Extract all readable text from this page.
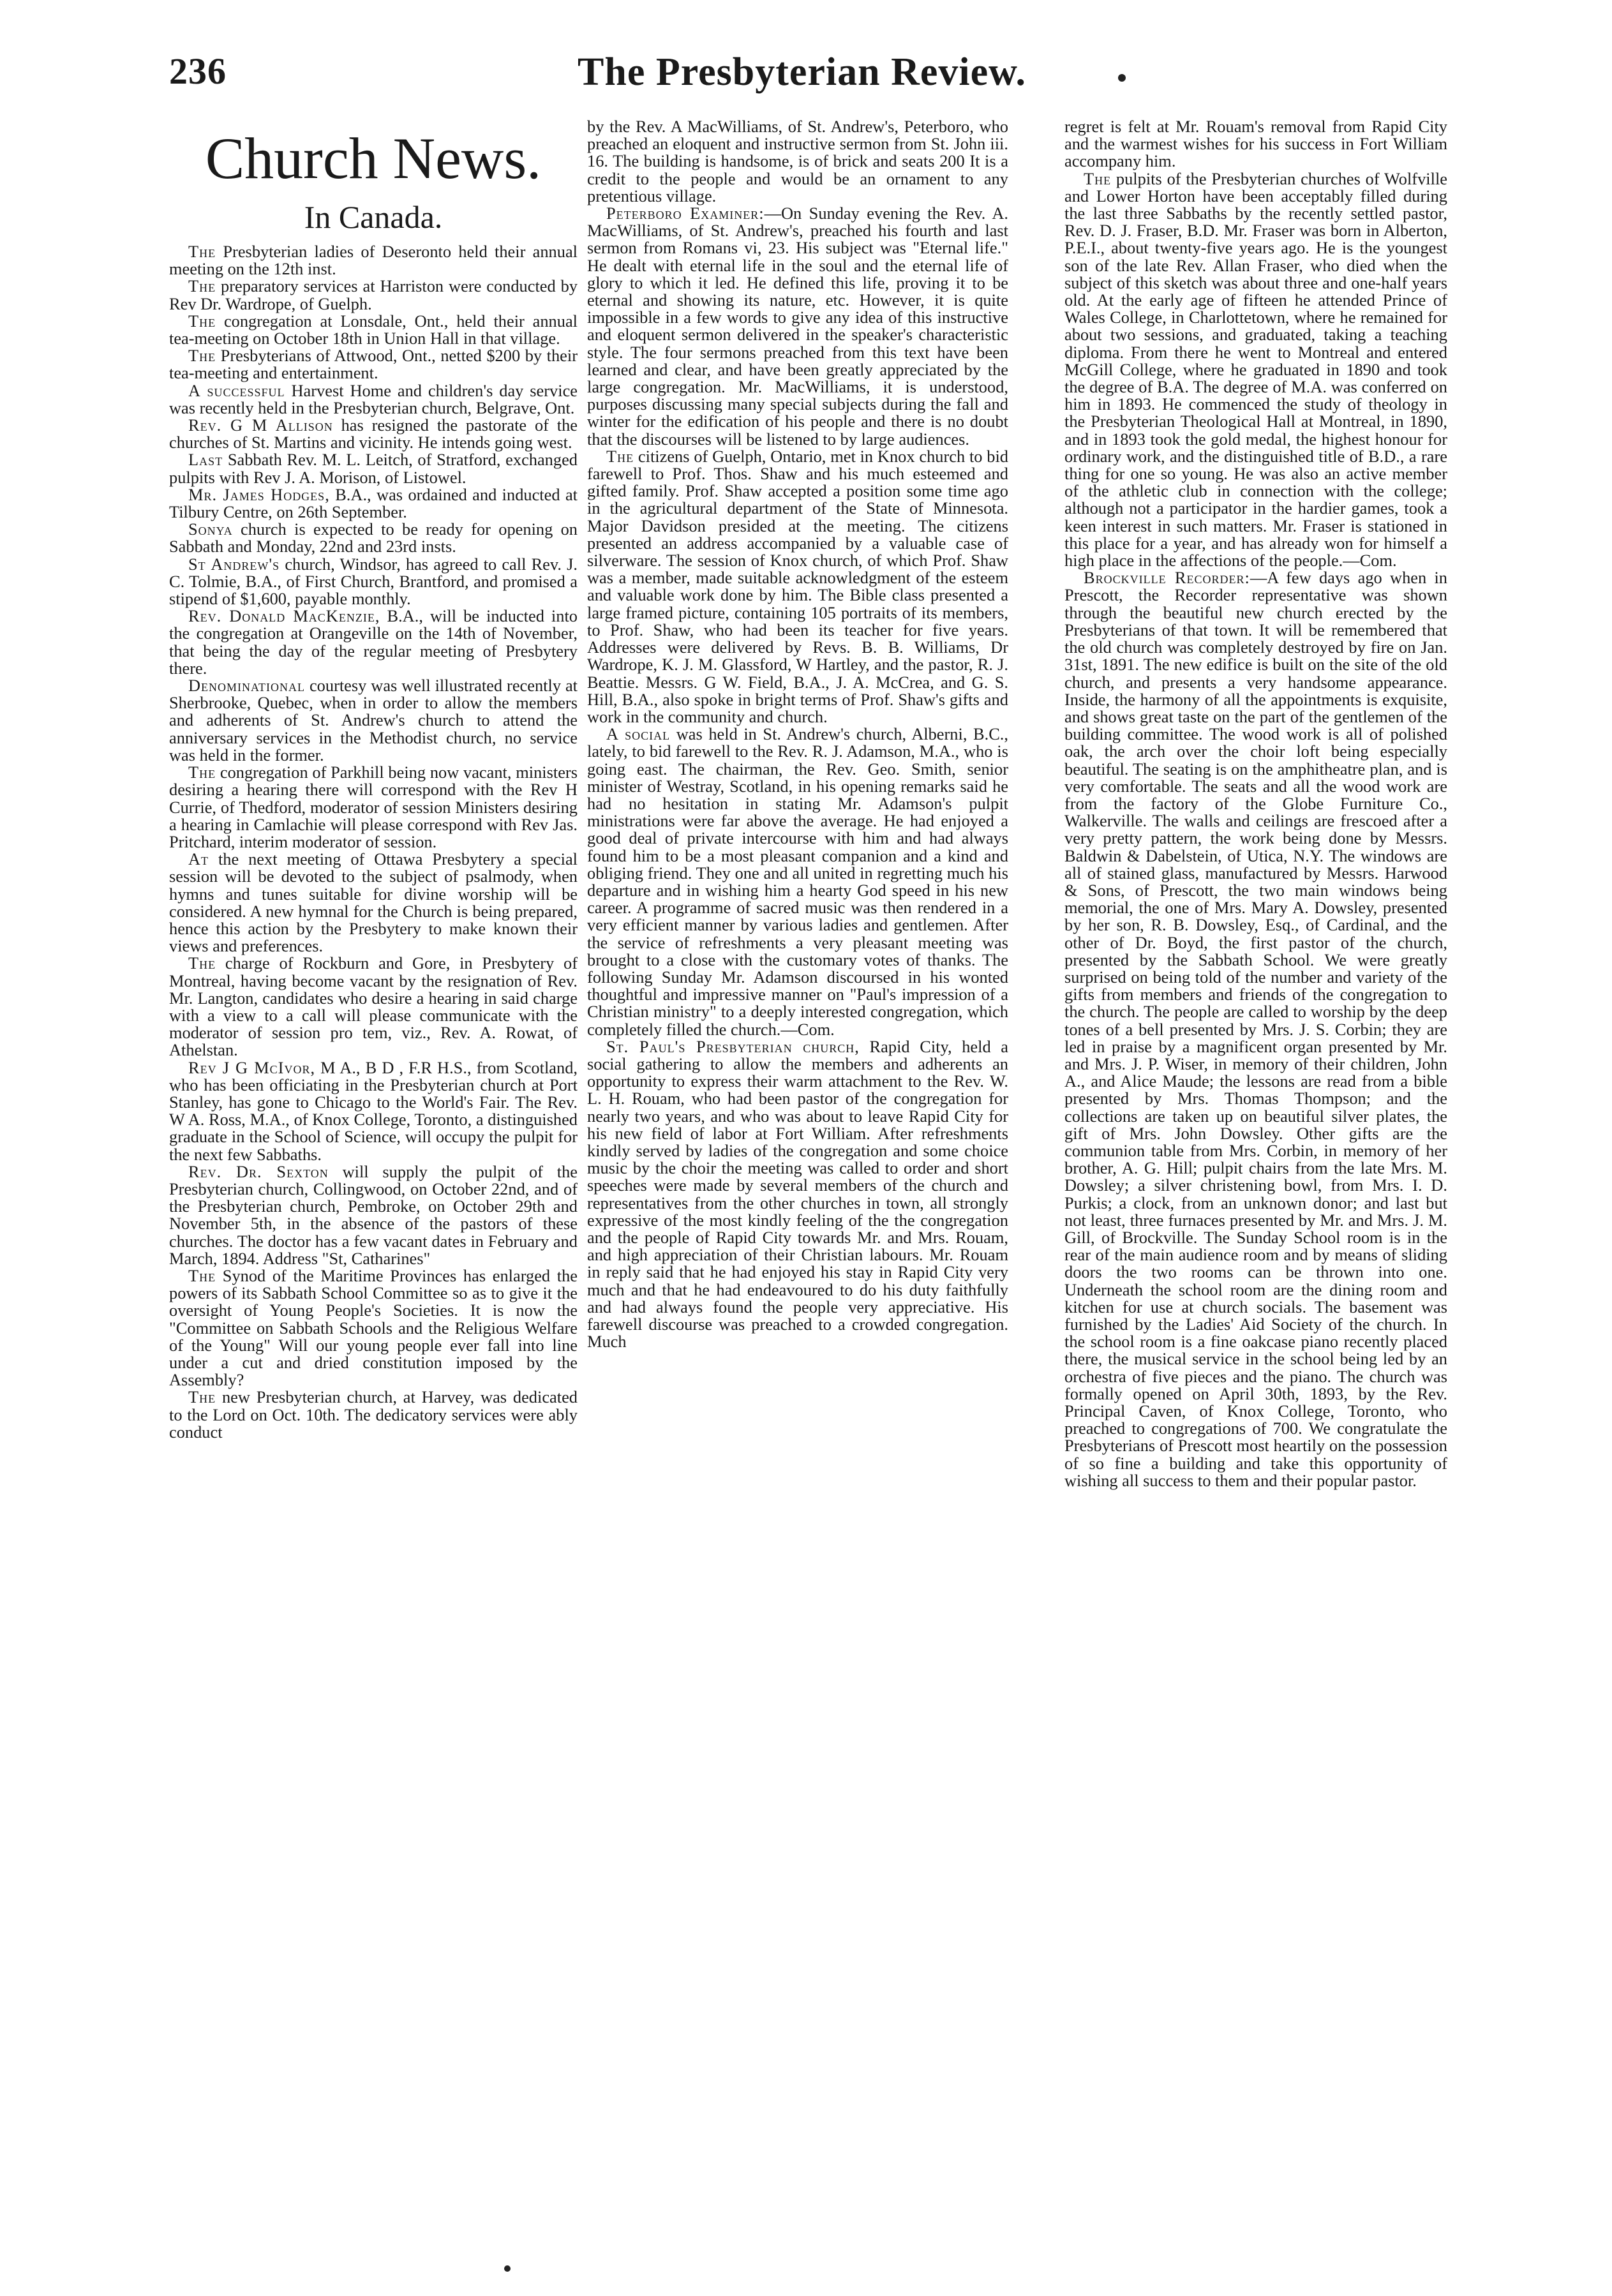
236	The Presbyterian Review.
Church News.
In Canada.

The Presbyterian ladies of Deseronto held their annual meeting on the 12th inst.

The preparatory services at Harriston were conducted by Rev Dr. Wardrope, of Guelph.

The congregation at Lonsdale, Ont., held their annual tea-meeting on October 18th in Union Hall in that village.

The Presbyterians of Attwood, Ont., netted $200 by their tea-meeting and entertainment.

A successful Harvest Home and children's day service was recently held in the Presbyterian church, Belgrave, Ont.

Rev. G M Allison has resigned the pastorate of the churches of St. Martins and vicinity. He intends going west.

Last Sabbath Rev. M. L. Leitch, of Stratford, exchanged pulpits with Rev J. A. Morison, of Listowel.

Mr. James Hodges, B.A., was ordained and inducted at Tilbury Centre, on 26th September.

Sonya church is expected to be ready for opening on Sabbath and Monday, 22nd and 23rd insts.

St Andrew's church, Windsor, has agreed to call Rev. J. C. Tolmie, B.A., of First Church, Brantford, and promised a stipend of $1,600, payable monthly.

Rev. Donald MacKenzie, B.A., will be inducted into the congregation at Orangeville on the 14th of November, that being the day of the regular meeting of Presbytery there.

Denominational courtesy was well illustrated recently at Sherbrooke, Quebec, when in order to allow the members and adherents of St. Andrew's church to attend the anniversary services in the Methodist church, no service was held in the former.

The congregation of Parkhill being now vacant, ministers desiring a hearing there will correspond with the Rev H Currie, of Thedford, moderator of session Ministers desiring a hearing in Camlachie will please correspond with Rev Jas. Pritchard, interim moderator of session.

At the next meeting of Ottawa Presbytery a special session will be devoted to the subject of psalmody, when hymns and tunes suitable for divine worship will be considered. A new hymnal for the Church is being prepared, hence this action by the Presbytery to make known their views and preferences.

The charge of Rockburn and Gore, in Presbytery of Montreal, having become vacant by the resignation of Rev. Mr. Langton, candidates who desire a hearing in said charge with a view to a call will please communicate with the moderator of session pro tem, viz., Rev. A. Rowat, of Athelstan.

Rev J G McIvor, M A., B D , F.R H.S., from Scotland, who has been officiating in the Presbyterian church at Port Stanley, has gone to Chicago to the World's Fair. The Rev. W A. Ross, M.A., of Knox College, Toronto, a distinguished graduate in the School of Science, will occupy the pulpit for the next few Sabbaths.

Rev. Dr. Sexton will supply the pulpit of the Presbyterian church, Collingwood, on October 22nd, and of the Presbyterian church, Pembroke, on October 29th and November 5th, in the absence of the pastors of these churches. The doctor has a few vacant dates in February and March, 1894. Address "St, Catharines"

The Synod of the Maritime Provinces has enlarged the powers of its Sabbath School Committee so as to give it the oversight of Young People's Societies. It is now the "Committee on Sabbath Schools and the Religious Welfare of the Young" Will our young people ever fall into line under a cut and dried constitution imposed by the Assembly?

The new Presbyterian church, at Harvey, was dedicated to the Lord on Oct. 10th. The dedicatory services were ably conduct

by the Rev. A MacWilliams, of St. Andrew's, Peterboro, who preached an eloquent and instructive sermon from St. John iii. 16. The building is handsome, is of brick and seats 200 It is a credit to the people and would be an ornament to any pretentious village.

Peterboro Examiner:—On Sunday evening the Rev. A. MacWilliams, of St. Andrew's, preached his fourth and last sermon from Romans vi, 23. His subject was "Eternal life." He dealt with eternal life in the soul and the eternal life of glory to which it led. He defined this life, proving it to be eternal and showing its nature, etc. However, it is quite impossible in a few words to give any idea of this instructive and eloquent sermon delivered in the speaker's characteristic style. The four sermons preached from this text have been learned and clear, and have been greatly appreciated by the large congregation. Mr. MacWilliams, it is understood, purposes discussing many special subjects during the fall and winter for the edification of his people and there is no doubt that the discourses will be listened to by large audiences.

The citizens of Guelph, Ontario, met in Knox church to bid farewell to Prof. Thos. Shaw and his much esteemed and gifted family. Prof. Shaw accepted a position some time ago in the agricultural department of the State of Minnesota. Major Davidson presided at the meeting. The citizens presented an address accompanied by a valuable case of silverware. The session of Knox church, of which Prof. Shaw was a member, made suitable acknowledgment of the esteem and valuable work done by him. The Bible class presented a large framed picture, containing 105 portraits of its members, to Prof. Shaw, who had been its teacher for five years. Addresses were delivered by Revs. B. B. Williams, Dr Wardrope, K. J. M. Glassford, W Hartley, and the pastor, R. J. Beattie. Messrs. G W. Field, B.A., J. A. McCrea, and G. S. Hill, B.A., also spoke in bright terms of Prof. Shaw's gifts and work in the community and church.

A social was held in St. Andrew's church, Alberni, B.C., lately, to bid farewell to the Rev. R. J. Adamson, M.A., who is going east. The chairman, the Rev. Geo. Smith, senior minister of Westray, Scotland, in his opening remarks said he had no hesitation in stating Mr. Adamson's pulpit ministrations were far above the average. He had enjoyed a good deal of private intercourse with him and had always found him to be a most pleasant companion and a kind and obliging friend. They one and all united in regretting much his departure and in wishing him a hearty God speed in his new career. A programme of sacred music was then rendered in a very efficient manner by various ladies and gentlemen. After the service of refreshments a very pleasant meeting was brought to a close with the customary votes of thanks. The following Sunday Mr. Adamson discoursed in his wonted thoughtful and impressive manner on "Paul's impression of a Christian ministry" to a deeply interested congregation, which completely filled the church.—Com.

St. Paul's Presbyterian church, Rapid City, held a social gathering to allow the members and adherents an opportunity to express their warm attachment to the Rev. W. L. H. Rouam, who had been pastor of the congregation for nearly two years, and who was about to leave Rapid City for his new field of labor at Fort William. After refreshments kindly served by ladies of the congregation and some choice music by the choir the meeting was called to order and short speeches were made by several members of the church and representatives from the other churches in town, all strongly expressive of the most kindly feeling of the the congregation and the people of Rapid City towards Mr. and Mrs. Rouam, and high appreciation of their Christian labours. Mr. Rouam in reply said that he had enjoyed his stay in Rapid City very much and that he had endeavoured to do his duty faithfully and had always found the people very appreciative. His farewell discourse was preached to a crowded congregation. Much

regret is felt at Mr. Rouam's removal from Rapid City and the warmest wishes for his success in Fort William accompany him.

The pulpits of the Presbyterian churches of Wolfville and Lower Horton have been acceptably filled during the last three Sabbaths by the recently settled pastor, Rev. D. J. Fraser, B.D. Mr. Fraser was born in Alberton, P.E.I., about twenty-five years ago. He is the youngest son of the late Rev. Allan Fraser, who died when the subject of this sketch was about three and one-half years old. At the early age of fifteen he attended Prince of Wales College, in Charlottetown, where he remained for about two sessions, and graduated, taking a teaching diploma. From there he went to Montreal and entered McGill College, where he graduated in 1890 and took the degree of B.A. The degree of M.A. was conferred on him in 1893. He commenced the study of theology in the Presbyterian Theological Hall at Montreal, in 1890, and in 1893 took the gold medal, the highest honour for ordinary work, and the distinguished title of B.D., a rare thing for one so young. He was also an active member of the athletic club in connection with the college; although not a participator in the hardier games, took a keen interest in such matters. Mr. Fraser is stationed in this place for a year, and has already won for himself a high place in the affections of the people.—Com.

Brockville Recorder:—A few days ago when in Prescott, the Recorder representative was shown through the beautiful new church erected by the Presbyterians of that town. It will be remembered that the old church was completely destroyed by fire on Jan. 31st, 1891. The new edifice is built on the site of the old church, and presents a very handsome appearance. Inside, the harmony of all the appointments is exquisite, and shows great taste on the part of the gentlemen of the building committee. The wood work is all of polished oak, the arch over the choir loft being especially beautiful. The seating is on the amphitheatre plan, and is very comfortable. The seats and all the wood work are from the factory of the Globe Furniture Co., Walkerville. The walls and ceilings are frescoed after a very pretty pattern, the work being done by Messrs. Baldwin & Dabelstein, of Utica, N.Y. The windows are all of stained glass, manufactured by Messrs. Harwood & Sons, of Prescott, the two main windows being memorial, the one of Mrs. Mary A. Dowsley, presented by her son, R. B. Dowsley, Esq., of Cardinal, and the other of Dr. Boyd, the first pastor of the church, presented by the Sabbath School. We were greatly surprised on being told of the number and variety of the gifts from members and friends of the congregation to the church. The people are called to worship by the deep tones of a bell presented by Mrs. J. S. Corbin; they are led in praise by a magnificent organ presented by Mr. and Mrs. J. P. Wiser, in memory of their children, John A., and Alice Maude; the lessons are read from a bible presented by Mrs. Thomas Thompson; and the collections are taken up on beautiful silver plates, the gift of Mrs. John Dowsley. Other gifts are the communion table from Mrs. Corbin, in memory of her brother, A. G. Hill; pulpit chairs from the late Mrs. M. Dowsley; a silver christening bowl, from Mrs. I. D. Purkis; a clock, from an unknown donor; and last but not least, three furnaces presented by Mr. and Mrs. J. M. Gill, of Brockville. The Sunday School room is in the rear of the main audience room and by means of sliding doors the two rooms can be thrown into one. Underneath the school room are the dining room and kitchen for use at church socials. The basement was furnished by the Ladies' Aid Society of the church. In the school room is a fine oakcase piano recently placed there, the musical service in the school being led by an orchestra of five pieces and the piano. The church was formally opened on April 30th, 1893, by the Rev. Principal Caven, of Knox College, Toronto, who preached to congregations of 700. We congratulate the Presbyterians of Prescott most heartily on the possession of so fine a building and take this opportunity of wishing all success to them and their popular pastor.
